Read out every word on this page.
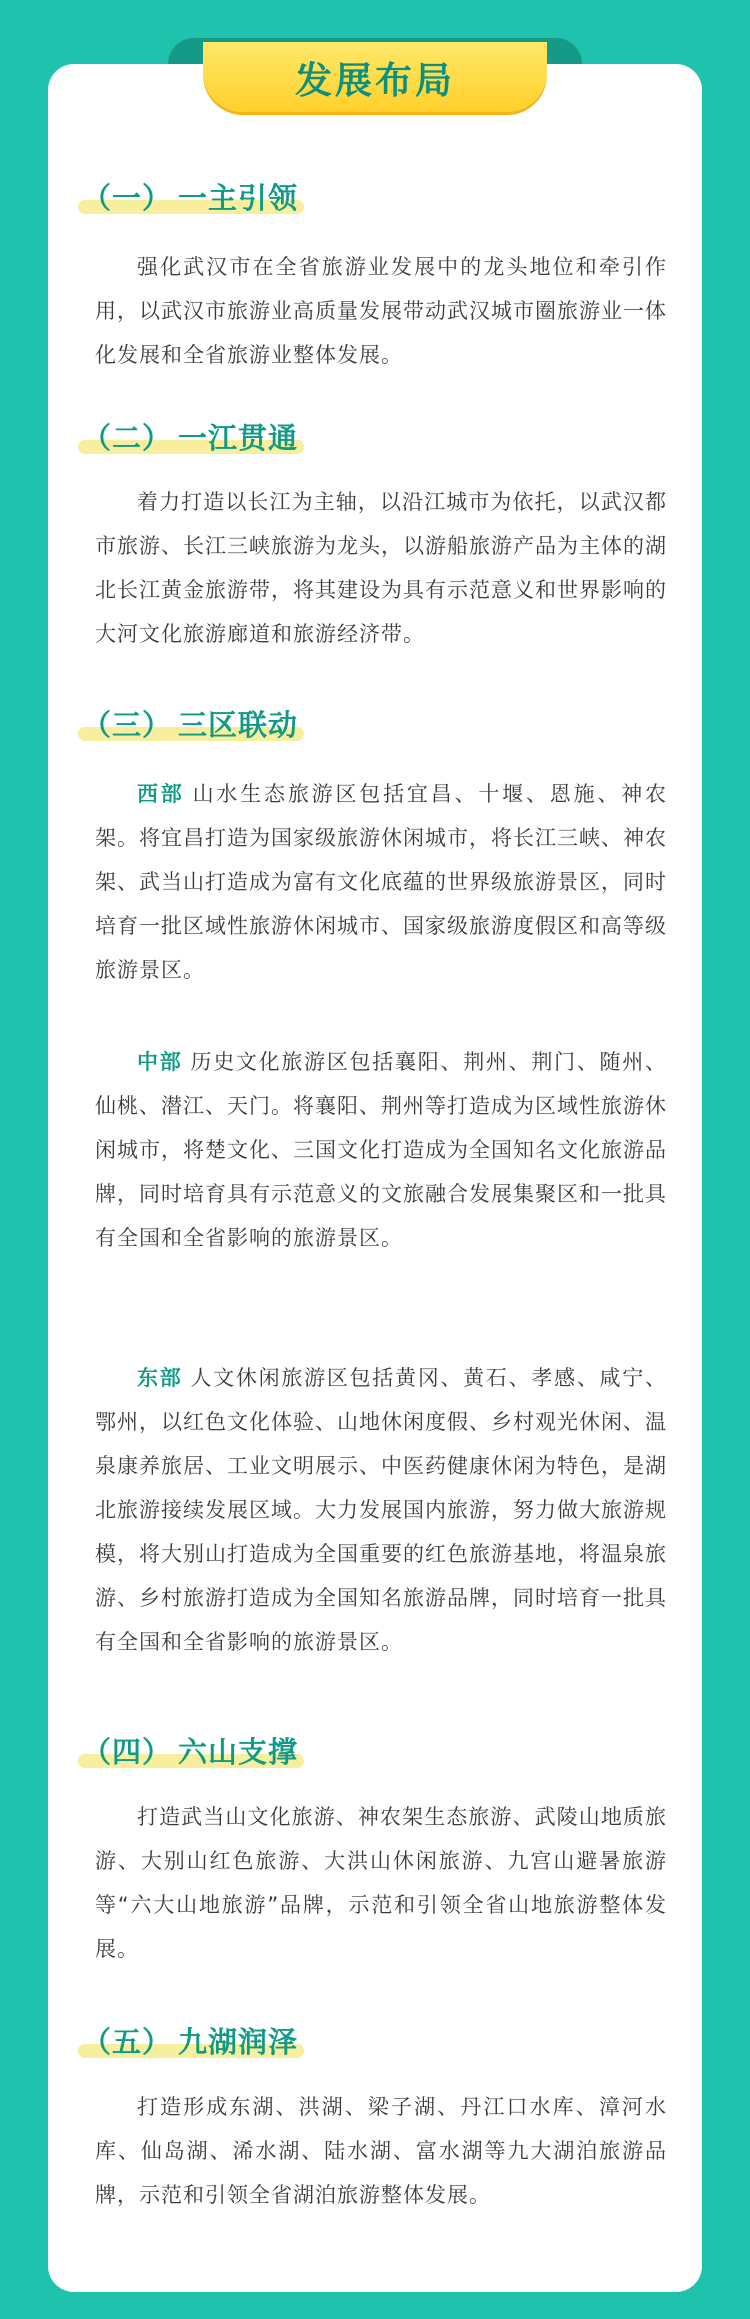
发展布局
（一） 一主引领

强化武汉市在全省旅游业发展中的龙头地位和牵引作用，以武汉市旅游业高质量发展带动武汉城市圈旅游业一体化发展和全省旅游业整体发展。

（二） 一江贯通

着力打造以长江为主轴，以沿江城市为依托，以武汉都市旅游、长江三峡旅游为龙头，以游船旅游产品为主体的湖北长江黄金旅游带，将其建设为具有示范意义和世界影响的大河文化旅游廊道和旅游经济带。

（三） 三区联动

西部 山水生态旅游区包括宜昌、十堰、恩施、神农架。将宜昌打造为国家级旅游休闲城市，将长江三峡、神农架、武当山打造成为富有文化底蕴的世界级旅游景区，同时培育一批区域性旅游休闲城市、国家级旅游度假区和高等级旅游景区。

中部 历史文化旅游区包括襄阳、荆州、荆门、随州、仙桃、潜江、天门。将襄阳、荆州等打造成为区域性旅游休闲城市，将楚文化、三国文化打造成为全国知名文化旅游品牌，同时培育具有示范意义的文旅融合发展集聚区和一批具有全国和全省影响的旅游景区。

东部 人文休闲旅游区包括黄冈、黄石、孝感、咸宁、鄂州，以红色文化体验、山地休闲度假、乡村观光休闲、温泉康养旅居、工业文明展示、中医药健康休闲为特色，是湖北旅游接续发展区域。大力发展国内旅游，努力做大旅游规模，将大别山打造成为全国重要的红色旅游基地，将温泉旅游、乡村旅游打造成为全国知名旅游品牌，同时培育一批具有全国和全省影响的旅游景区。

（四） 六山支撑

打造武当山文化旅游、神农架生态旅游、武陵山地质旅游、大别山红色旅游、大洪山休闲旅游、九宫山避暑旅游等“六大山地旅游”品牌，示范和引领全省山地旅游整体发展。

（五） 九湖润泽

打造形成东湖、洪湖、梁子湖、丹江口水库、漳河水库、仙岛湖、浠水湖、陆水湖、富水湖等九大湖泊旅游品牌，示范和引领全省湖泊旅游整体发展。
